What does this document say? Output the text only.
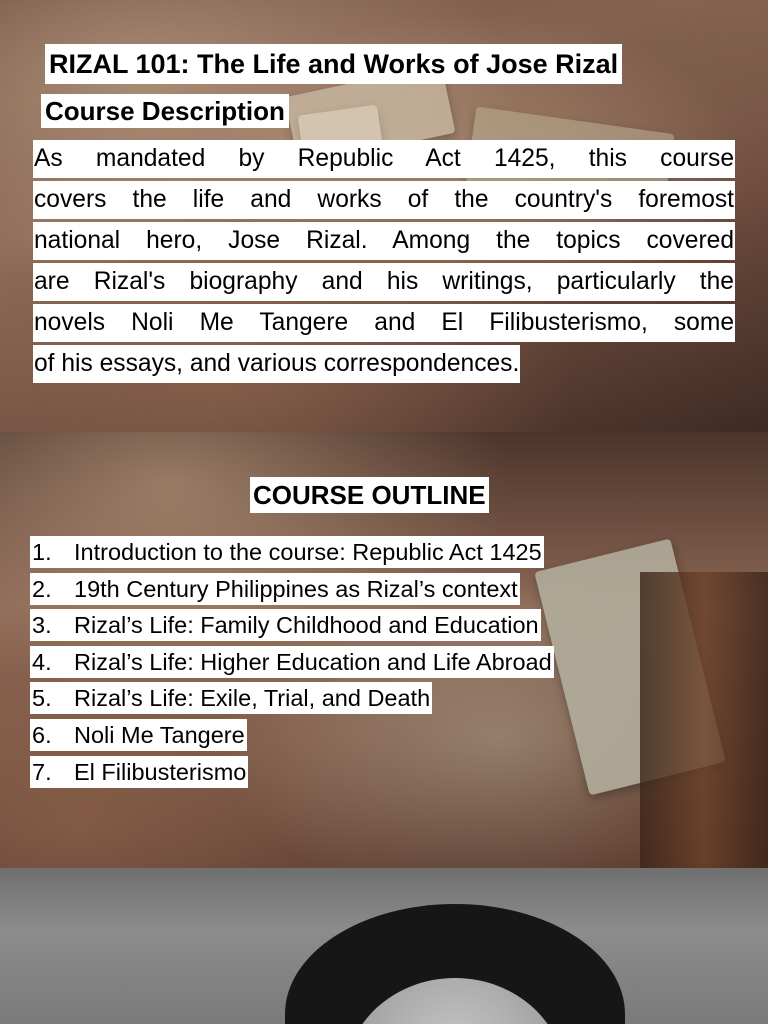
RIZAL 101: The Life and Works of Jose Rizal
Course Description
As mandated by Republic Act 1425, this course
covers the life and works of the country's foremost
national hero, Jose Rizal. Among the topics covered
are Rizal's biography and his writings, particularly the
novels Noli Me Tangere and El Filibusterismo, some
of his essays, and various correspondences.
COURSE OUTLINE
1. Introduction to the course: Republic Act 1425
2. 19th Century Philippines as Rizal’s context
3. Rizal’s Life: Family Childhood and Education
4. Rizal’s Life: Higher Education and Life Abroad
5. Rizal’s Life: Exile, Trial, and Death
6. Noli Me Tangere
7. El Filibusterismo
